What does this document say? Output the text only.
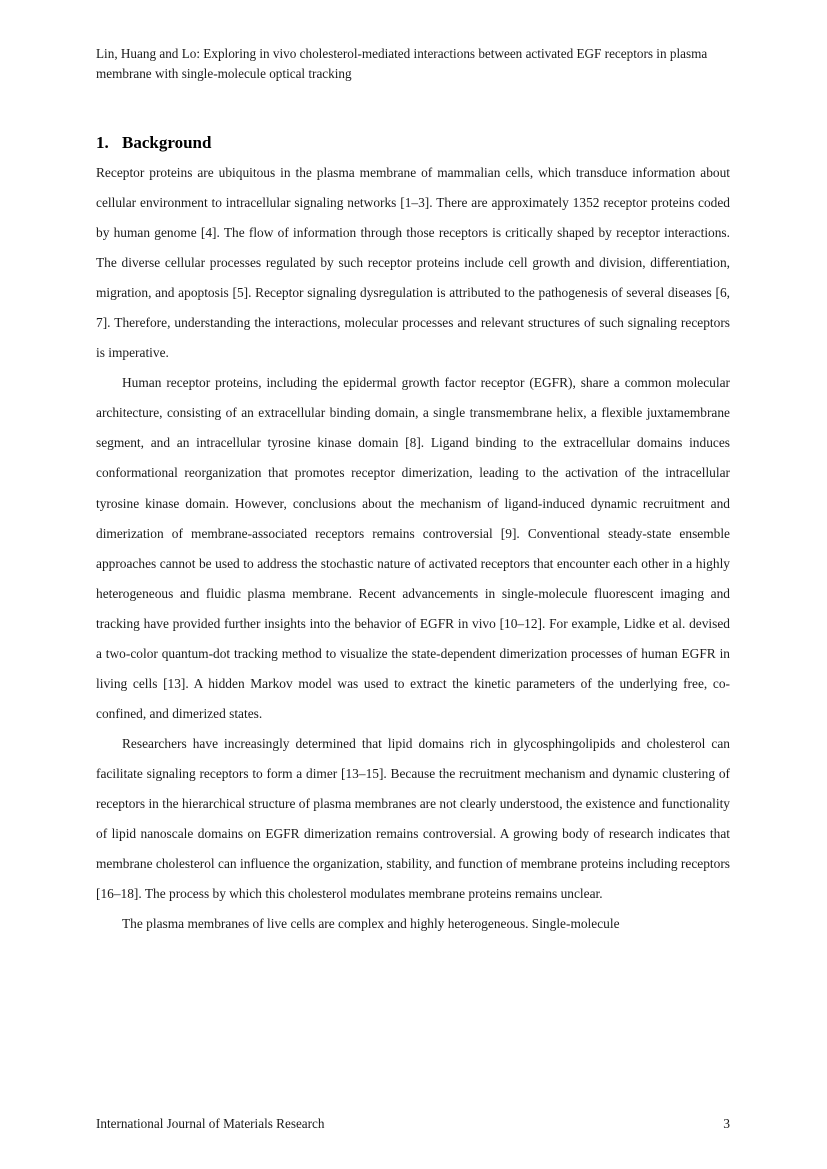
Lin, Huang and Lo: Exploring in vivo cholesterol-mediated interactions between activated EGF receptors in plasma membrane with single-molecule optical tracking
1. Background

Receptor proteins are ubiquitous in the plasma membrane of mammalian cells, which transduce information about cellular environment to intracellular signaling networks [1–3]. There are approximately 1352 receptor proteins coded by human genome [4]. The flow of information through those receptors is critically shaped by receptor interactions. The diverse cellular processes regulated by such receptor proteins include cell growth and division, differentiation, migration, and apoptosis [5]. Receptor signaling dysregulation is attributed to the pathogenesis of several diseases [6, 7]. Therefore, understanding the interactions, molecular processes and relevant structures of such signaling receptors is imperative.

Human receptor proteins, including the epidermal growth factor receptor (EGFR), share a common molecular architecture, consisting of an extracellular binding domain, a single transmembrane helix, a flexible juxtamembrane segment, and an intracellular tyrosine kinase domain [8]. Ligand binding to the extracellular domains induces conformational reorganization that promotes receptor dimerization, leading to the activation of the intracellular tyrosine kinase domain. However, conclusions about the mechanism of ligand-induced dynamic recruitment and dimerization of membrane-associated receptors remains controversial [9]. Conventional steady-state ensemble approaches cannot be used to address the stochastic nature of activated receptors that encounter each other in a highly heterogeneous and fluidic plasma membrane. Recent advancements in single-molecule fluorescent imaging and tracking have provided further insights into the behavior of EGFR in vivo [10–12]. For example, Lidke et al. devised a two-color quantum-dot tracking method to visualize the state-dependent dimerization processes of human EGFR in living cells [13]. A hidden Markov model was used to extract the kinetic parameters of the underlying free, co-confined, and dimerized states.

Researchers have increasingly determined that lipid domains rich in glycosphingolipids and cholesterol can facilitate signaling receptors to form a dimer [13–15]. Because the recruitment mechanism and dynamic clustering of receptors in the hierarchical structure of plasma membranes are not clearly understood, the existence and functionality of lipid nanoscale domains on EGFR dimerization remains controversial. A growing body of research indicates that membrane cholesterol can influence the organization, stability, and function of membrane proteins including receptors [16–18]. The process by which this cholesterol modulates membrane proteins remains unclear.

The plasma membranes of live cells are complex and highly heterogeneous. Single-molecule

International Journal of Materials Research	3
